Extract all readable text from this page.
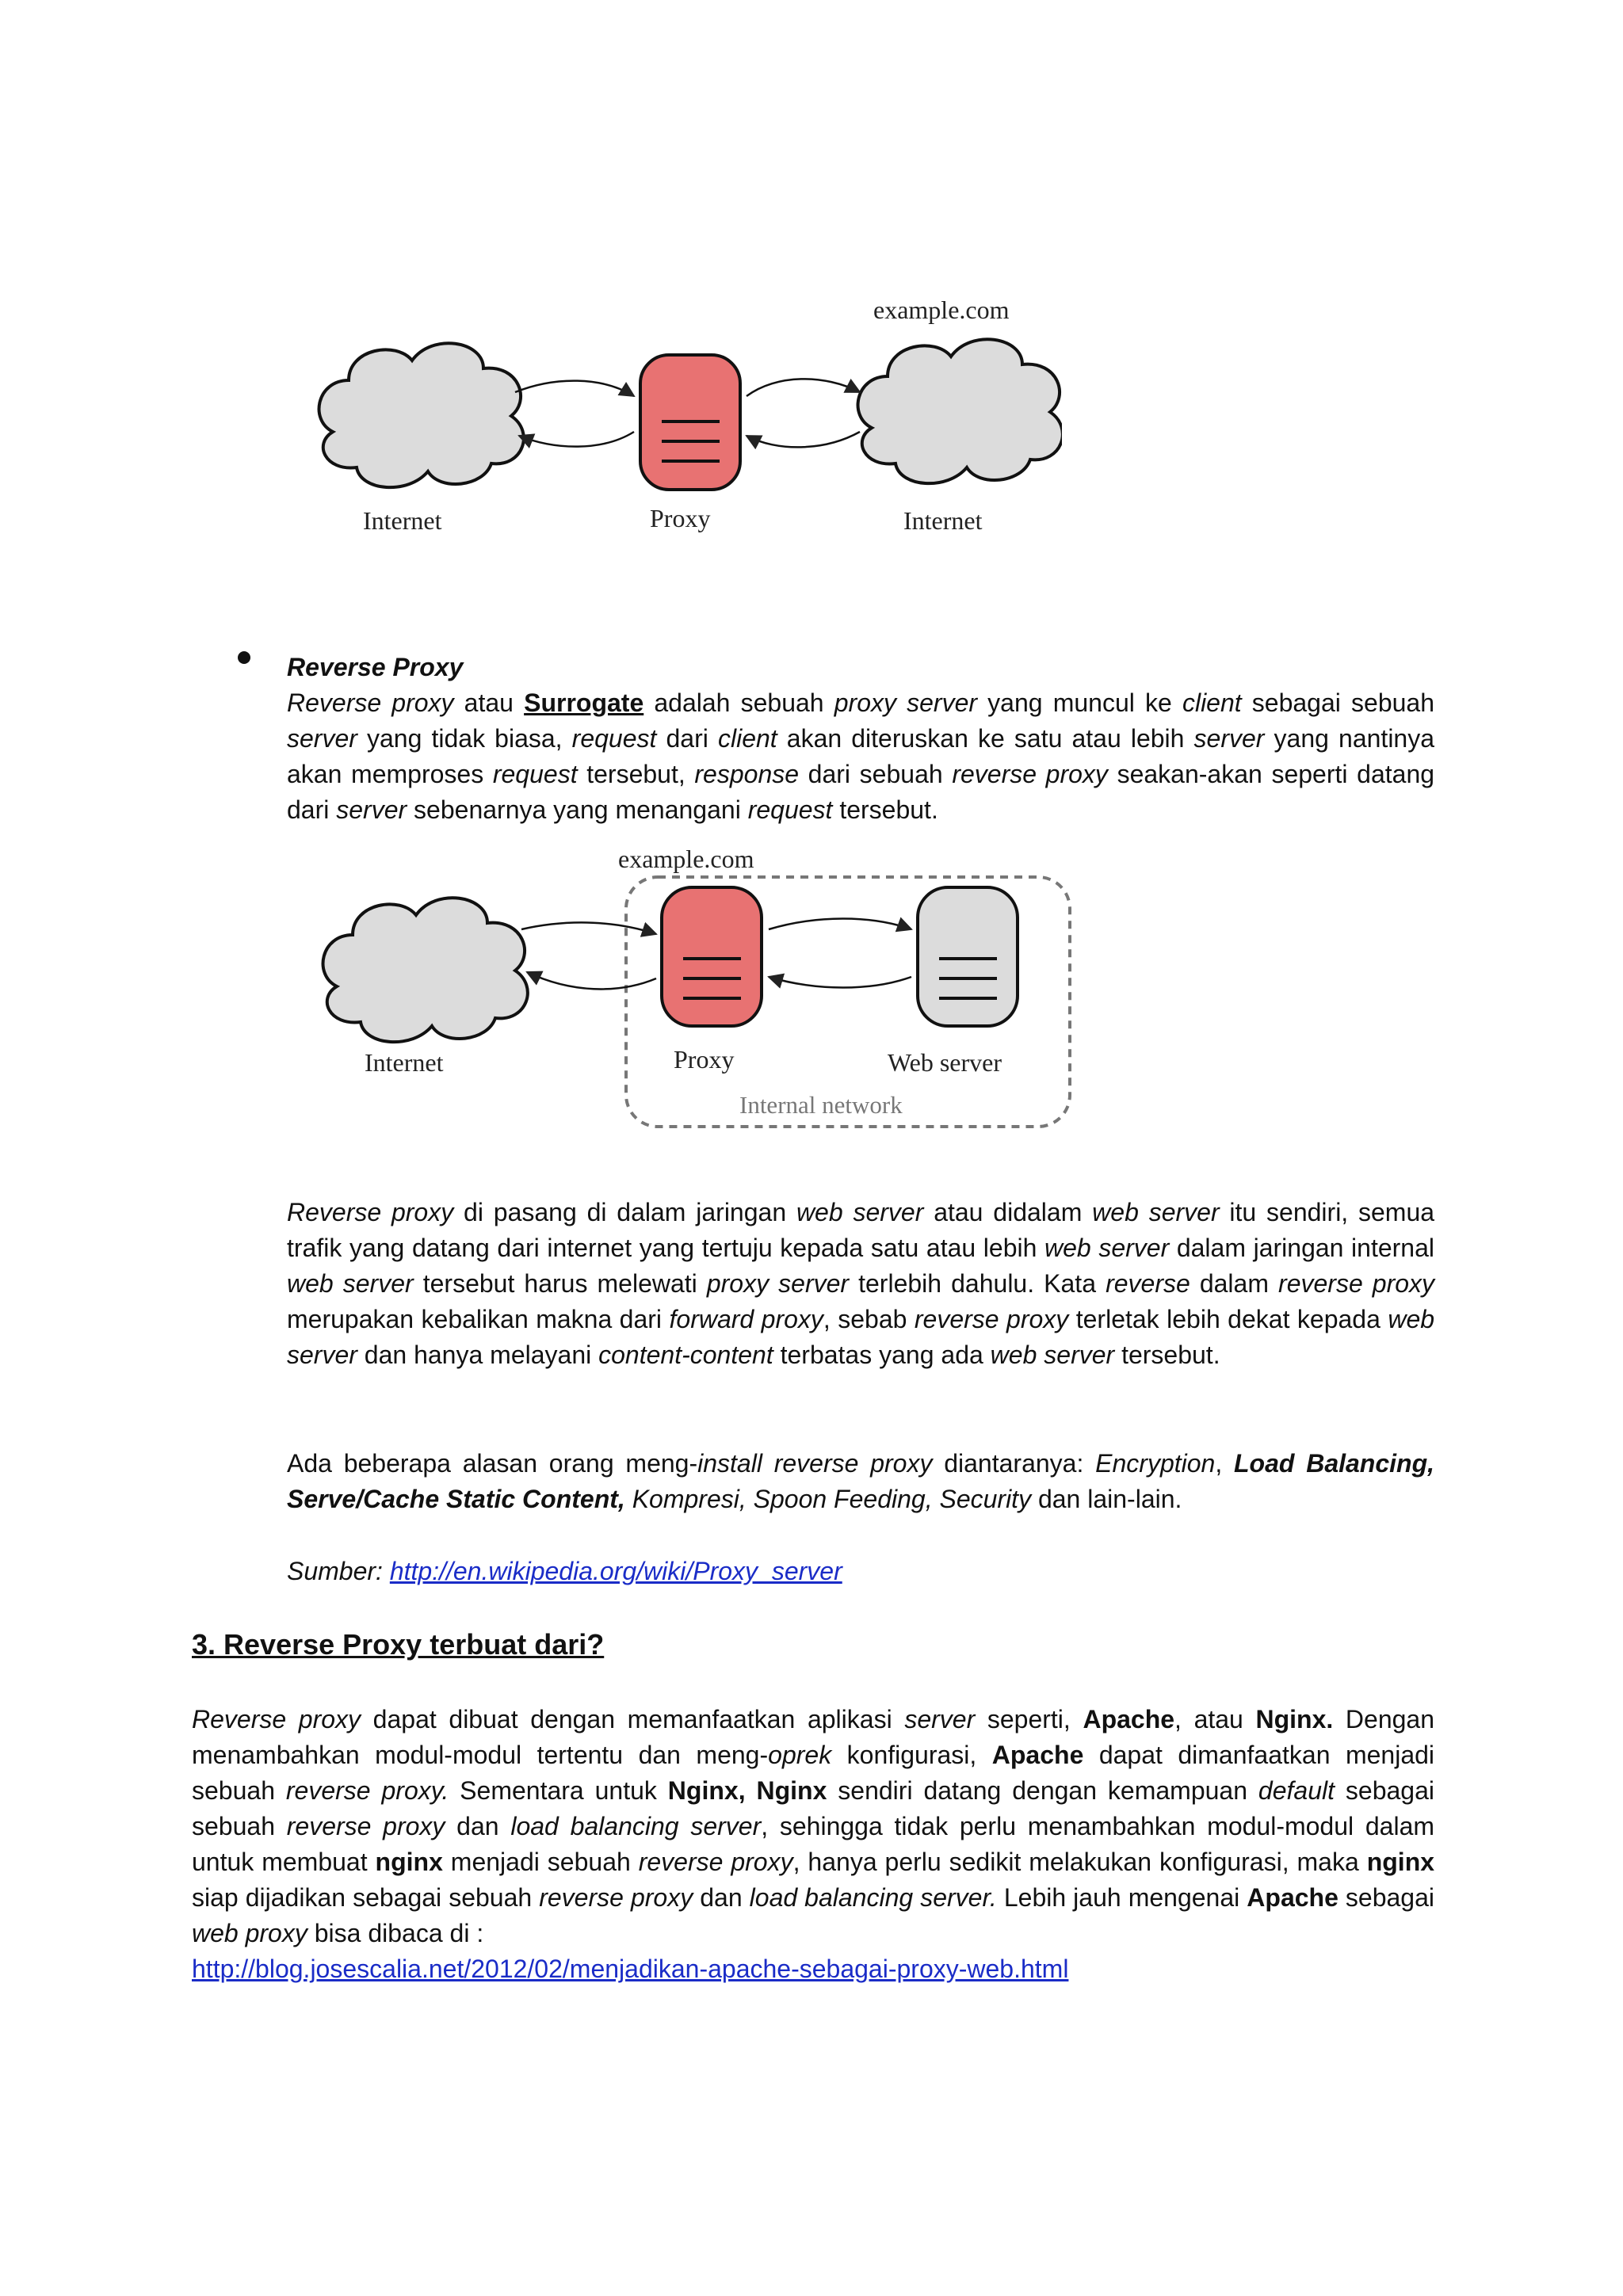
example.com
Internet	Proxy	Internet
Reverse Proxy

Reverse proxy atau Surrogate adalah sebuah proxy server yang muncul ke client sebagai sebuah server yang tidak biasa, request dari client akan diteruskan ke satu atau lebih server yang nantinya akan memproses request tersebut, response dari sebuah reverse proxy seakan-akan seperti datang dari server sebenarnya yang menangani request tersebut.

example.com
Internet	Proxy	Web server
Internal network

Reverse proxy di pasang di dalam jaringan web server atau didalam web server itu sendiri, semua trafik yang datang dari internet yang tertuju kepada satu atau lebih web server dalam jaringan internal web server tersebut harus melewati proxy server terlebih dahulu. Kata reverse dalam reverse proxy merupakan kebalikan makna dari forward proxy, sebab reverse proxy terletak lebih dekat kepada web server dan hanya melayani content-content terbatas yang ada web server tersebut.

Ada beberapa alasan orang meng-install reverse proxy diantaranya: Encryption, Load Balancing, Serve/Cache Static Content, Kompresi, Spoon Feeding, Security dan lain-lain.

Sumber: http://en.wikipedia.org/wiki/Proxy_server
3. Reverse Proxy terbuat dari?

Reverse proxy dapat dibuat dengan memanfaatkan aplikasi server seperti, Apache, atau Nginx. Dengan menambahkan modul-modul tertentu dan meng-oprek konfigurasi, Apache dapat dimanfaatkan menjadi sebuah reverse proxy. Sementara untuk Nginx, Nginx sendiri datang dengan kemampuan default sebagai sebuah reverse proxy dan load balancing server, sehingga tidak perlu menambahkan modul-modul dalam untuk membuat nginx menjadi sebuah reverse proxy, hanya perlu sedikit melakukan konfigurasi, maka nginx siap dijadikan sebagai sebuah reverse proxy dan load balancing server. Lebih jauh mengenai Apache sebagai web proxy bisa dibaca di :

http://blog.josescalia.net/2012/02/menjadikan-apache-sebagai-proxy-web.html
